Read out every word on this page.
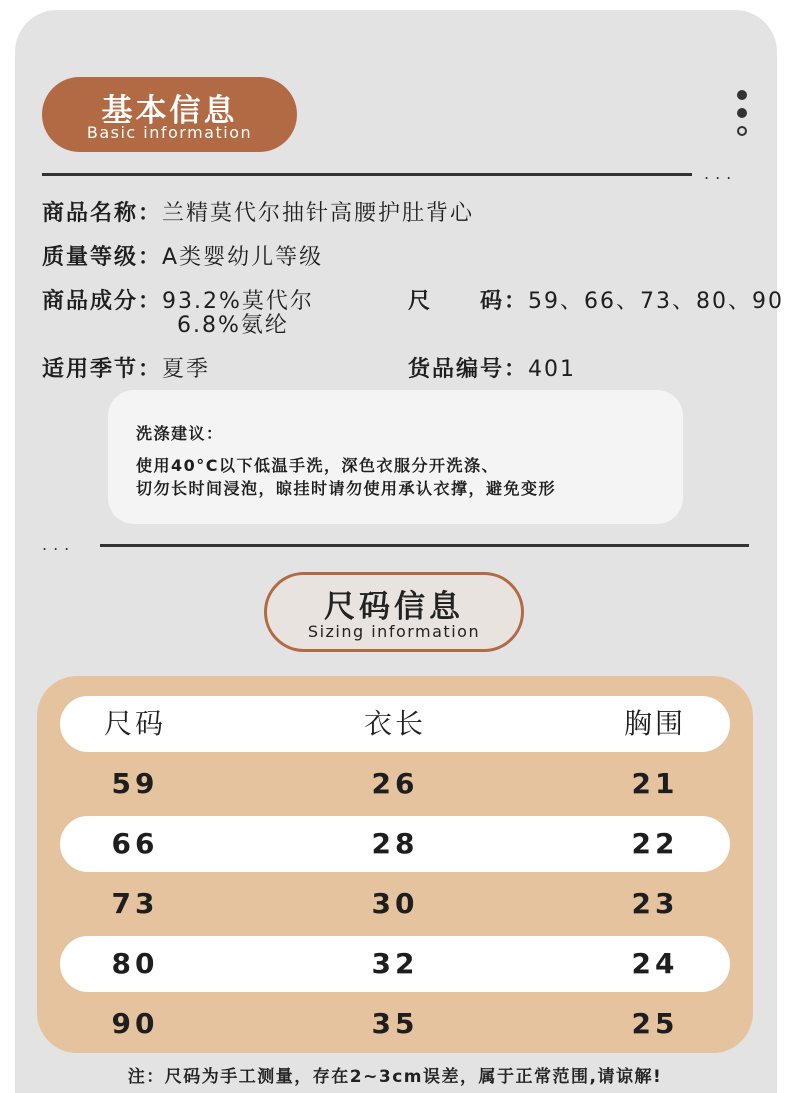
基本信息
Basic information
...
商品名称：兰精莫代尔抽针高腰护肚背心
质量等级：A类婴幼儿等级
商品成分：93.2%莫代尔
6.8%氨纶
尺　　码：59、66、73、80、90
适用季节：夏季	货品编号：401
洗涤建议：
使用40°C以下低温手洗，深色衣服分开洗涤、
切勿长时间浸泡，晾挂时请勿使用承认衣撑，避免变形
...
尺码信息
Sizing information
尺码	衣长	胸围
59	26	21
66	28	22
73	30	23
80	32	24
90	35	25
注：尺码为手工测量，存在2~3cm误差，属于正常范围,请谅解!
